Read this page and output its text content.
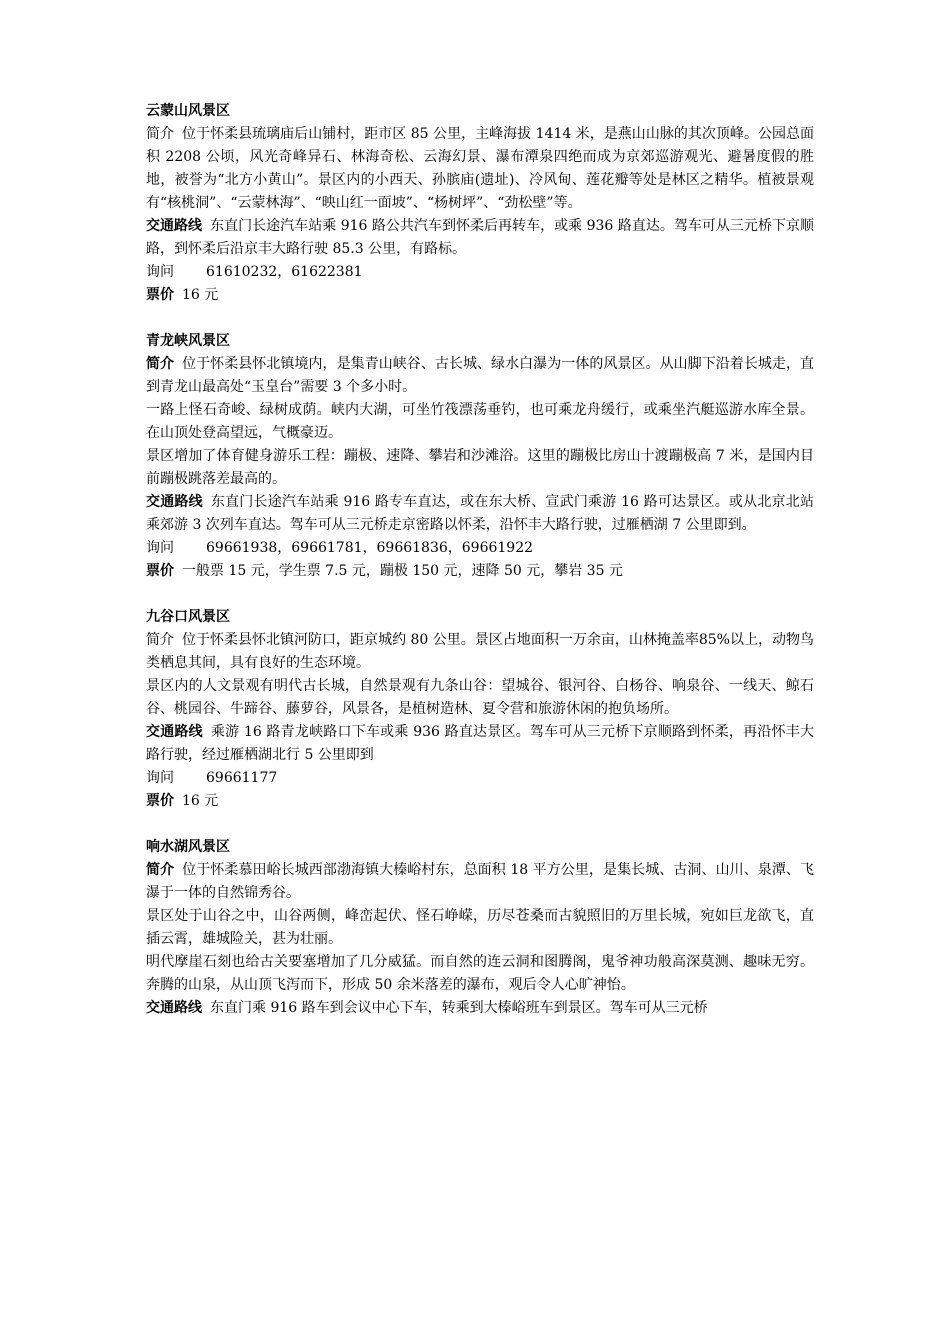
云蒙山风景区

简介 位于怀柔县琉璃庙后山铺村，距市区 85 公里，主峰海拔 1414 米，是燕山山脉的其次顶峰。公园总面积 2208 公顷，风光奇峰异石、林海奇松、云海幻景、瀑布潭泉四绝而成为京郊巡游观光、避暑度假的胜地，被誉为“北方小黄山”。景区内的小西天、孙膑庙(遗址)、冷风甸、莲花瓣等处是林区之精华。植被景观有“核桃洞”、“云蒙林海”、“映山红一面坡”、“杨树坪”、“劲松壁”等。

交通路线 东直门长途汽车站乘 916 路公共汽车到怀柔后再转车，或乘 936 路直达。驾车可从三元桥下京顺路，到怀柔后沿京丰大路行驶 85.3 公里，有路标。

询问 61610232，61622381

票价 16 元

青龙峡风景区

简介 位于怀柔县怀北镇境内，是集青山峡谷、古长城、绿水白瀑为一体的风景区。从山脚下沿着长城走，直到青龙山最高处“玉皇台”需要 3 个多小时。

一路上怪石奇峻、绿树成荫。峡内大湖，可坐竹筏漂荡垂钓，也可乘龙舟缓行，或乘坐汽艇巡游水库全景。在山顶处登高望远，气概豪迈。

景区增加了体育健身游乐工程：蹦极、速降、攀岩和沙滩浴。这里的蹦极比房山十渡蹦极高 7 米，是国内目前蹦极跳落差最高的。

交通路线 东直门长途汽车站乘 916 路专车直达，或在东大桥、宣武门乘游 16 路可达景区。或从北京北站乘郊游 3 次列车直达。驾车可从三元桥走京密路以怀柔，沿怀丰大路行驶，过雁栖湖 7 公里即到。

询问 69661938，69661781，69661836，69661922

票价 一般票 15 元，学生票 7.5 元，蹦极 150 元，速降 50 元，攀岩 35 元

九谷口风景区

简介 位于怀柔县怀北镇河防口，距京城约 80 公里。景区占地面积一万余亩，山林掩盖率85%以上，动物鸟类栖息其间，具有良好的生态环境。

景区内的人文景观有明代古长城，自然景观有九条山谷：望城谷、银河谷、白杨谷、响泉谷、一线天、鲸石谷、桃园谷、牛蹄谷、藤萝谷，风景各，是植树造林、夏令营和旅游休闲的抱负场所。

交通路线 乘游 16 路青龙峡路口下车或乘 936 路直达景区。驾车可从三元桥下京顺路到怀柔，再沿怀丰大路行驶，经过雁栖湖北行 5 公里即到

询问 69661177

票价 16 元

响水湖风景区

简介 位于怀柔慕田峪长城西部渤海镇大榛峪村东，总面积 18 平方公里，是集长城、古洞、山川、泉潭、飞瀑于一体的自然锦秀谷。

景区处于山谷之中，山谷两侧，峰峦起伏、怪石峥嵘，历尽苍桑而古貌照旧的万里长城，宛如巨龙欲飞，直插云霄，雄城险关，甚为壮丽。

明代摩崖石刻也给古关要塞增加了几分威猛。而自然的连云洞和图腾阁，鬼爷神功般高深莫测、趣味无穷。奔腾的山泉，从山顶飞泻而下，形成 50 余米落差的瀑布，观后令人心旷神怡。

交通路线 东直门乘 916 路车到会议中心下车，转乘到大榛峪班车到景区。驾车可从三元桥
